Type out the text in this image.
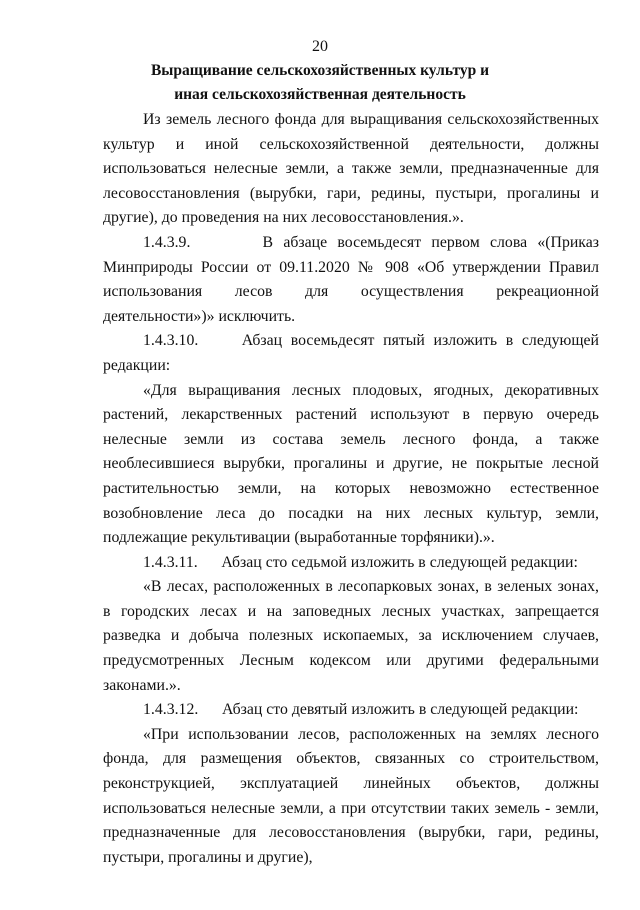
20
Выращивание сельскохозяйственных культур и
иная сельскохозяйственная деятельность

Из земель лесного фонда для выращивания сельскохозяйственных культур и иной сельскохозяйственной деятельности, должны использоваться нелесные земли, а также земли, предназначенные для лесовосстановления (вырубки, гари, редины, пустыри, прогалины и другие), до проведения на них лесовосстановления.».

1.4.3.9.       В абзаце восемьдесят первом слова «(Приказ Минприроды России от 09.11.2020 № 908 «Об утверждении Правил использования лесов для осуществления рекреационной деятельности»)» исключить.

1.4.3.10.     Абзац восемьдесят пятый изложить в следующей редакции:

«Для выращивания лесных плодовых, ягодных, декоративных растений, лекарственных растений используют в первую очередь нелесные земли из состава земель лесного фонда, а также необлесившиеся вырубки, прогалины и другие, не покрытые лесной растительностью земли, на которых невозможно естественное возобновление леса до посадки на них лесных культур, земли, подлежащие рекультивации (выработанные торфяники).».

1.4.3.11.      Абзац сто седьмой изложить в следующей редакции:

«В лесах, расположенных в лесопарковых зонах, в зеленых зонах, в городских лесах и на заповедных лесных участках, запрещается разведка и добыча полезных ископаемых, за исключением случаев, предусмотренных Лесным кодексом или другими федеральными законами.».

1.4.3.12.      Абзац сто девятый изложить в следующей редакции:

«При использовании лесов, расположенных на землях лесного фонда, для размещения объектов, связанных со строительством, реконструкцией, эксплуатацией линейных объектов, должны использоваться нелесные земли, а при отсутствии таких земель - земли, предназначенные для лесовосстановления (вырубки, гари, редины, пустыри, прогалины и другие),
